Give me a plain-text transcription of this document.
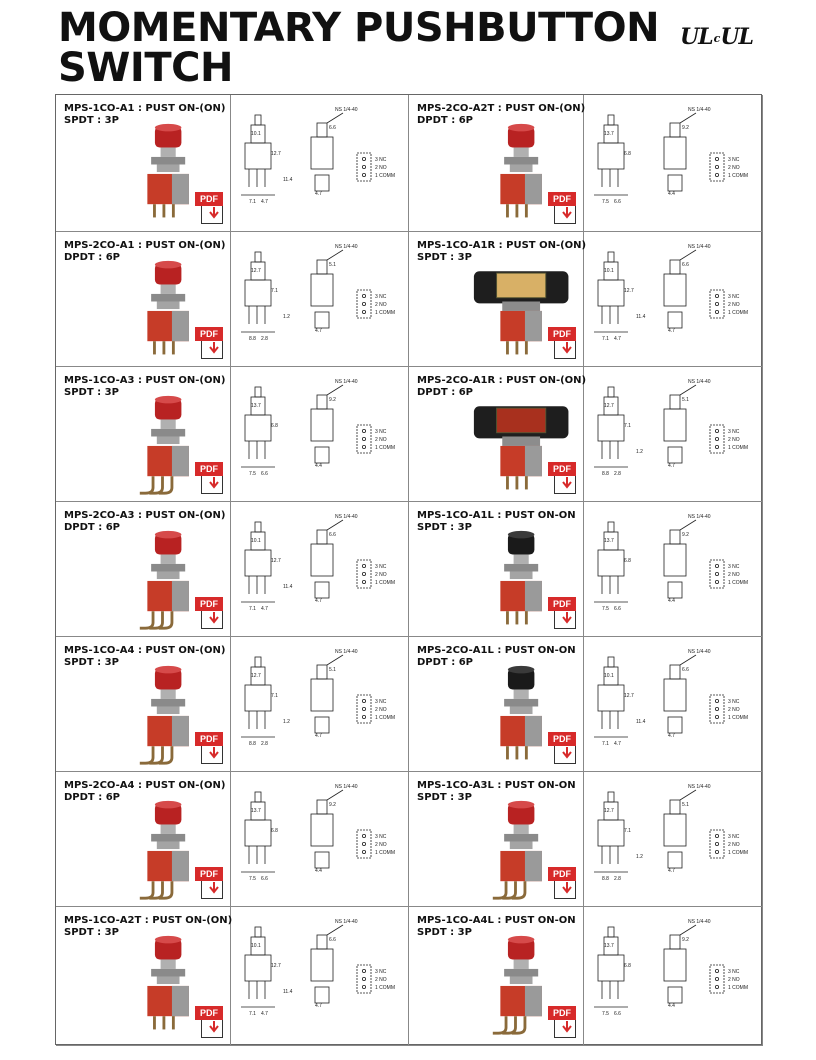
MOMENTARY PUSHBUTTON
SWITCH
ULcUL
MPS-1CO-A1 : PUST ON-(ON)
SPDT : 3P
PDF
10.1
12.7
7.1 4.7
4.7
6.6
11.4
NS 1/4-40
3 NC
2 NO
1 COMM
MPS-2CO-A2T : PUST ON-(ON)
DPDT : 6P
PDF
13.7
6.8
7.5 6.6
4.4
9.2
NS 1/4-40
3 NC
2 NO
1 COMM
MPS-2CO-A1 : PUST ON-(ON)
DPDT : 6P
PDF
12.7
7.1
8.8 2.8
4.7
5.1
1.2
NS 1/4-40
3 NC
2 NO
1 COMM
MPS-1CO-A1R : PUST ON-(ON)
SPDT : 3P
PDF
10.1
12.7
7.1 4.7
4.7
6.6
11.4
NS 1/4-40
3 NC
2 NO
1 COMM
MPS-1CO-A3 : PUST ON-(ON)
SPDT : 3P
PDF
13.7
6.8
7.5 6.6
4.4
9.2
NS 1/4-40
3 NC
2 NO
1 COMM
MPS-2CO-A1R : PUST ON-(ON)
DPDT : 6P
PDF
12.7
7.1
8.8 2.8
4.7
5.1
1.2
NS 1/4-40
3 NC
2 NO
1 COMM
MPS-2CO-A3 : PUST ON-(ON)
DPDT : 6P
PDF
10.1
12.7
7.1 4.7
4.7
6.6
11.4
NS 1/4-40
3 NC
2 NO
1 COMM
MPS-1CO-A1L : PUST ON-ON
SPDT : 3P
PDF
13.7
6.8
7.5 6.6
4.4
9.2
NS 1/4-40
3 NC
2 NO
1 COMM
MPS-1CO-A4 : PUST ON-(ON)
SPDT : 3P
PDF
12.7
7.1
8.8 2.8
4.7
5.1
1.2
NS 1/4-40
3 NC
2 NO
1 COMM
MPS-2CO-A1L : PUST ON-ON
DPDT : 6P
PDF
10.1
12.7
7.1 4.7
4.7
6.6
11.4
NS 1/4-40
3 NC
2 NO
1 COMM
MPS-2CO-A4 : PUST ON-(ON)
DPDT : 6P
PDF
13.7
6.8
7.5 6.6
4.4
9.2
NS 1/4-40
3 NC
2 NO
1 COMM
MPS-1CO-A3L : PUST ON-ON
SPDT : 3P
PDF
12.7
7.1
8.8 2.8
4.7
5.1
1.2
NS 1/4-40
3 NC
2 NO
1 COMM
MPS-1CO-A2T : PUST ON-(ON)
SPDT : 3P
PDF
10.1
12.7
7.1 4.7
4.7
6.6
11.4
NS 1/4-40
3 NC
2 NO
1 COMM
MPS-1CO-A4L : PUST ON-ON
SPDT : 3P
PDF
13.7
6.8
7.5 6.6
4.4
9.2
NS 1/4-40
3 NC
2 NO
1 COMM
